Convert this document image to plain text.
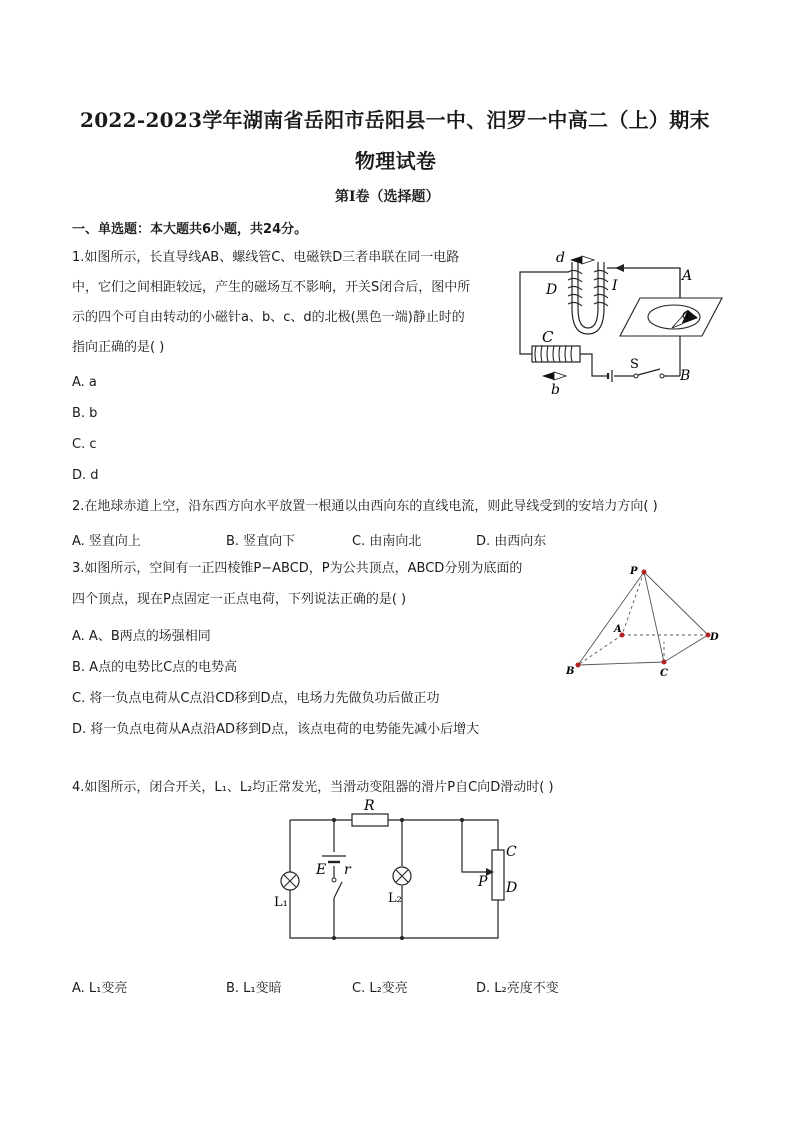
2022-2023学年湖南省岳阳市岳阳县一中、汨罗一中高二（上）期末
物理试卷
第I卷（选择题）
一、单选题：本大题共6小题，共24分。
1.如图所示，长直导线AB、螺线管C、电磁铁D三者串联在同一电路
中，它们之间相距较远，产生的磁场互不影响，开关S闭合后，图中所
示的四个可自由转动的小磁针a、b、c、d的北极(黑色一端)静止时的
指向正确的是( )
A. a
B. b
C. c
D. d
d
D	I
A
a
C
S
B
b
2.在地球赤道上空，沿东西方向水平放置一根通以由西向东的直线电流，则此导线受到的安培力方向( )
A. 竖直向上	B. 竖直向下	C. 由南向北	D. 由西向东
3.如图所示，空间有一正四棱锥P−ABCD，P为公共顶点，ABCD分别为底面的
四个顶点，现在P点固定一正点电荷，下列说法正确的是( )
A. A、B两点的场强相同
B. A点的电势比C点的电势高
C. 将一负点电荷从C点沿CD移到D点，电场力先做负功后做正功
D. 将一负点电荷从A点沿AD移到D点，该点电荷的电势能先减小后增大
P
A
B	C
D
4.如图所示，闭合开关，L₁、L₂均正常发光，当滑动变阻器的滑片P自C向D滑动时( )
R
E r
L₁	L₂
C
P D
A. L₁变亮	B. L₁变暗	C. L₂变亮	D. L₂亮度不变
